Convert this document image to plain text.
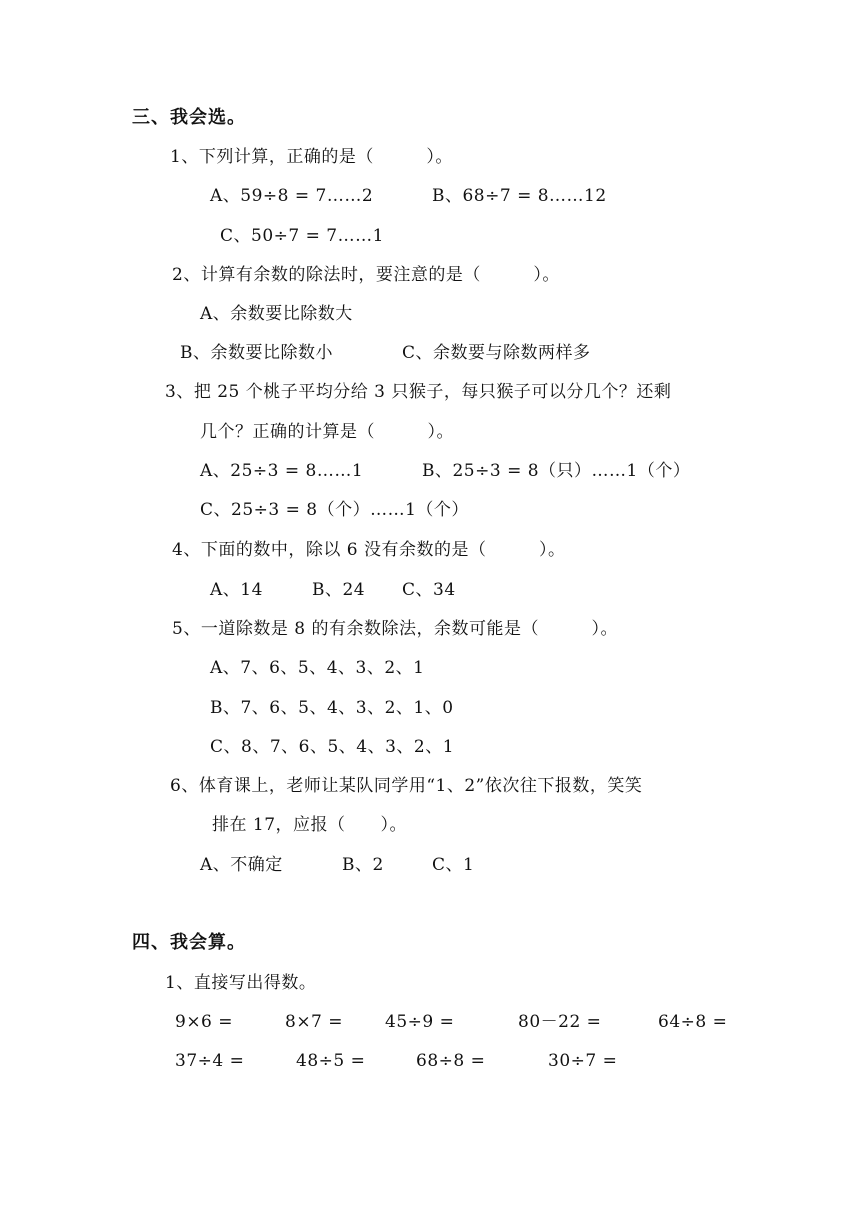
三、我会选。
1、下列计算，正确的是（　　　）。
A、59÷8 = 7……2	B、68÷7 = 8……12
C、50÷7 = 7……1
2、计算有余数的除法时，要注意的是（　　　）。
A、余数要比除数大
B、余数要比除数小	C、余数要与除数两样多
3、把 25 个桃子平均分给 3 只猴子，每只猴子可以分几个？还剩
几个？正确的计算是（　　　）。
A、25÷3 = 8……1	B、25÷3 = 8（只）……1（个）
C、25÷3 = 8（个）……1（个）
4、下面的数中，除以 6 没有余数的是（　　　）。
A、14	B、24 C、34
5、一道除数是 8 的有余数除法，余数可能是（　　　）。
A、7、6、5、4、3、2、1
B、7、6、5、4、3、2、1、0
C、8、7、6、5、4、3、2、1
6、体育课上，老师让某队同学用“1、2”依次往下报数，笑笑
排在 17，应报（　　）。
A、不确定	B、2	C、1
四、我会算。
1、直接写出得数。
9×6 =	8×7 = 45÷9 =	80－22 =	64÷8 =
37÷4 =	48÷5 =	68÷8 =	30÷7 =
